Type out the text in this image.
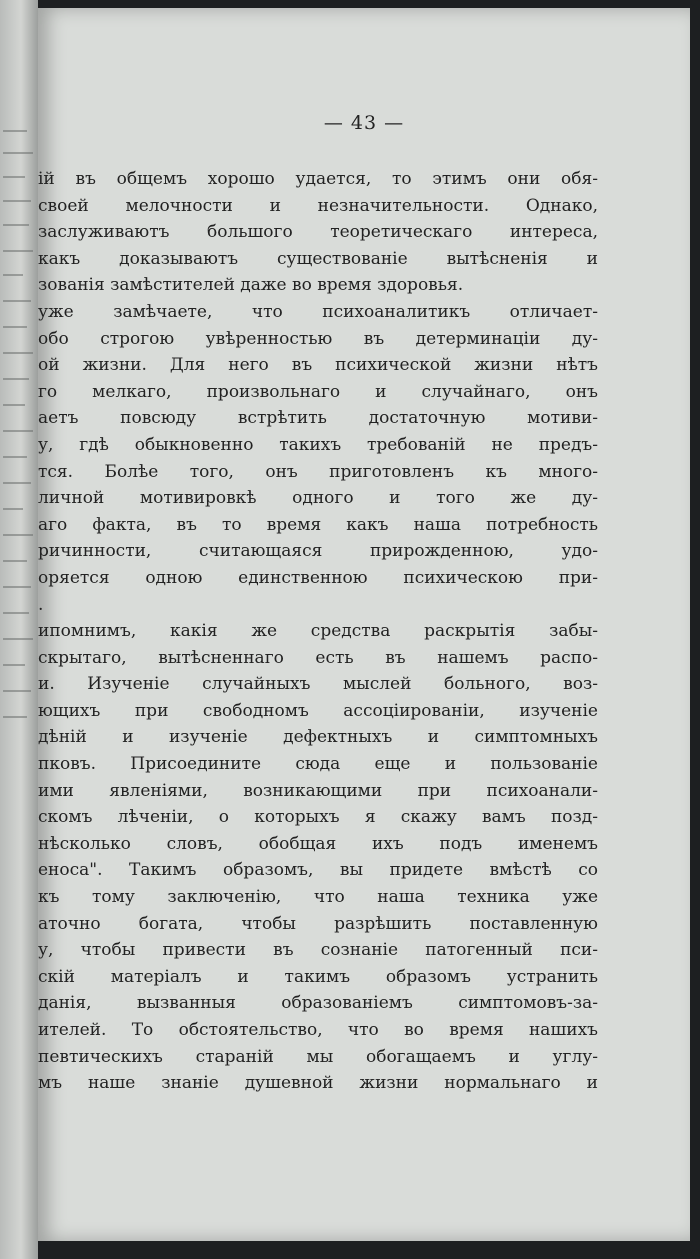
— 43 —
ій въ общемъ хорошо удается, то этимъ они обя-
своей мелочности и незначительности. Однако,
заслуживаютъ большого теоретическаго интереса,
какъ доказываютъ существованіе вытѣсненія и
зованія замѣстителей даже во время здоровья.
уже замѣчаете, что психоаналитикъ отличает-
обо строгою увѣренностью въ детерминаціи ду-
ой жизни. Для него въ психической жизни нѣтъ
го мелкаго, произвольнаго и случайнаго, онъ
аетъ повсюду встрѣтить достаточную мотиви-
у, гдѣ обыкновенно такихъ требованій не предъ-
тся. Болѣе того, онъ приготовленъ къ много-
личной мотивировкѣ одного и того же ду-
аго факта, въ то время какъ наша потребность
ричинности, считающаяся прирожденною, удо-
оряется одною единственною психическою при-
.
ипомнимъ, какія же средства раскрытія забы-
скрытаго, вытѣсненнаго есть въ нашемъ распо-
и. Изученіе случайныхъ мыслей больного, воз-
ющихъ при свободномъ ассоціированіи, изученіе
дѣній и изученіе дефектныхъ и симптомныхъ
пковъ. Присоедините сюда еще и пользованіе
ими явленіями, возникающими при психоанали-
скомъ лѣченіи, о которыхъ я скажу вамъ позд-
нѣсколько словъ, обобщая ихъ подъ именемъ
еноса". Такимъ образомъ, вы придете вмѣстѣ со
къ тому заключенію, что наша техника уже
аточно богата, чтобы разрѣшить поставленную
у, чтобы привести въ сознаніе патогенный пси-
скій матеріалъ и такимъ образомъ устранить
данія, вызванныя образованіемъ симптомовъ-за-
ителей. То обстоятельство, что во время нашихъ
певтическихъ стараній мы обогащаемъ и углу-
мъ наше знаніе душевной жизни нормальнаго и
